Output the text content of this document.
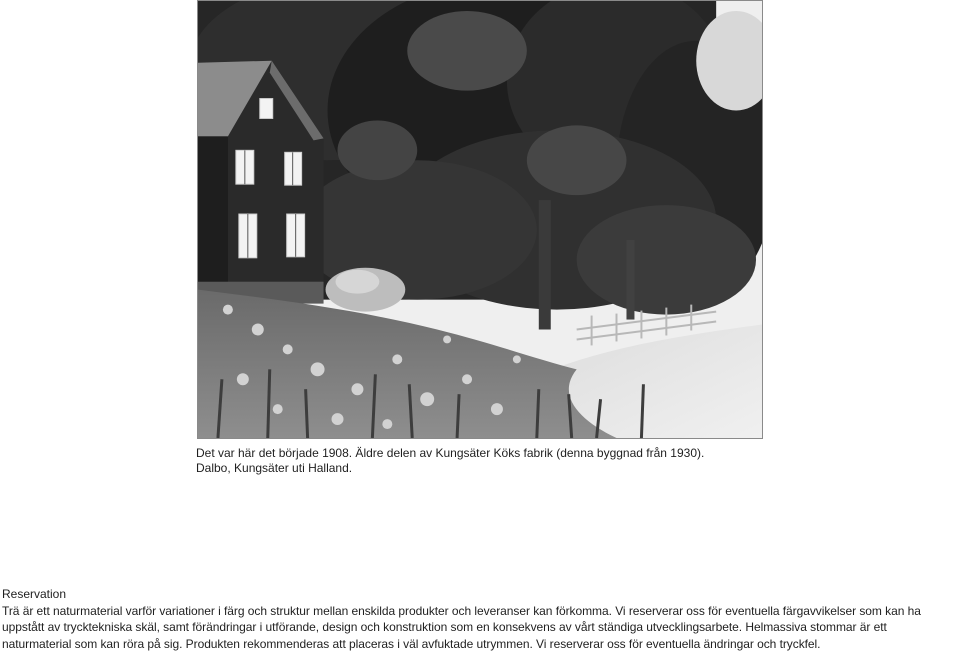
Det var här det började 1908. Äldre delen av Kungsäter Köks fabrik (denna byggnad från 1930).

Dalbo, Kungsäter uti Halland.

Reservation
Trä är ett naturmaterial varför variationer i färg och struktur mellan enskilda produkter och leveranser kan förkomma. Vi reserverar oss för eventuella färgavvikelser som kan ha uppstått av trycktekniska skäl, samt förändringar i utförande, design och konstruktion som en konsekvens av vårt ständiga utvecklingsarbete. Helmassiva stommar är ett naturmaterial som kan röra på sig. Produkten rekommenderas att placeras i väl avfuktade utrymmen. Vi reserverar oss för eventuella ändringar och tryckfel.
